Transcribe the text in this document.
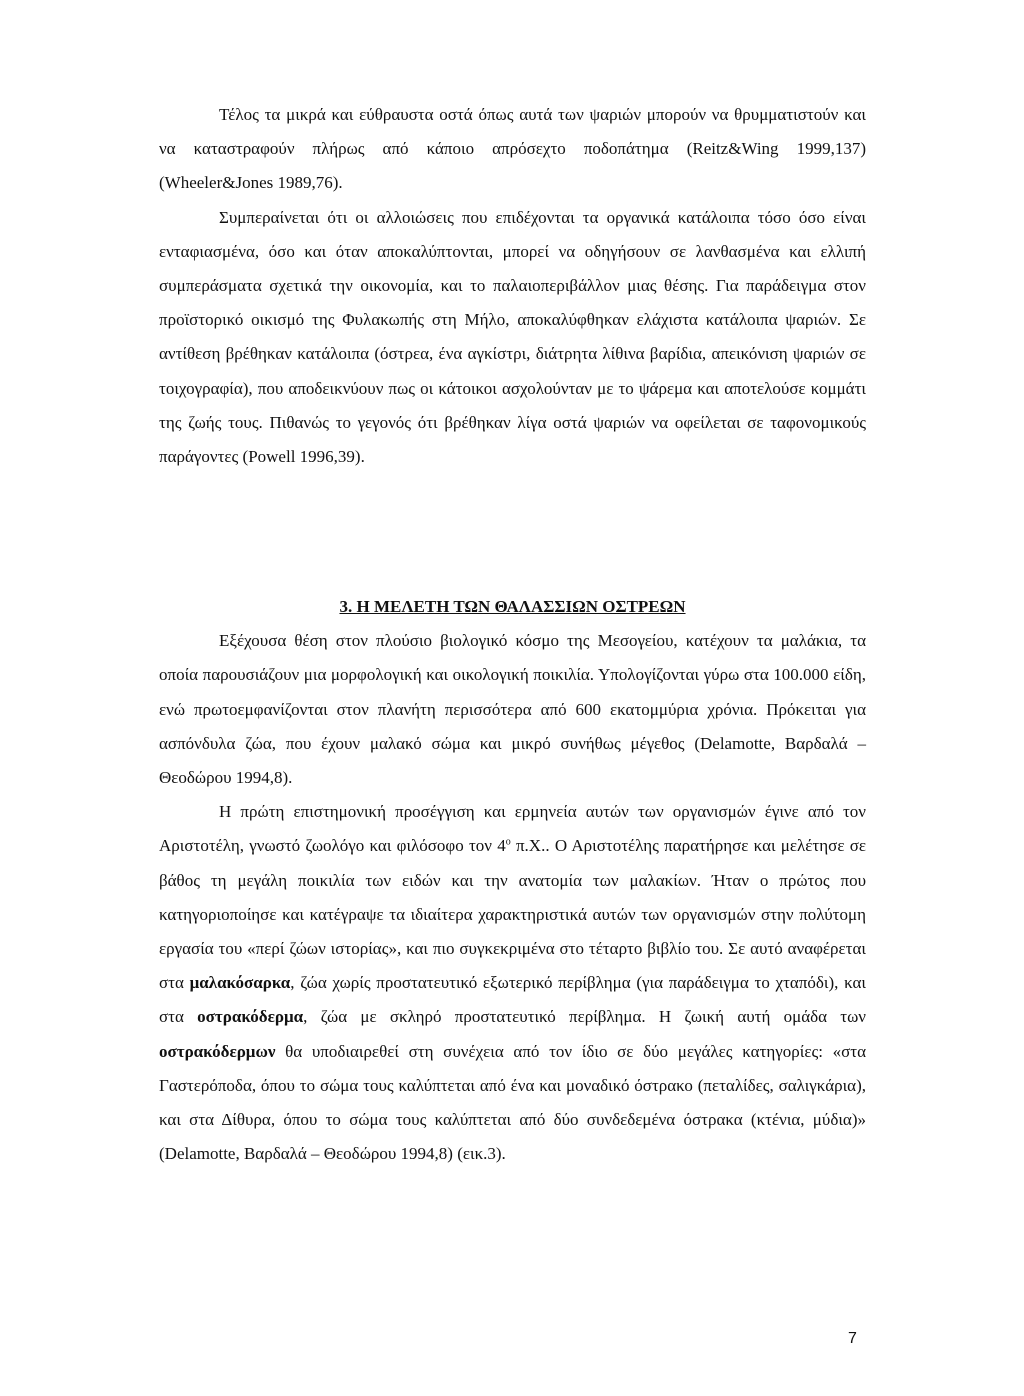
Τέλος τα μικρά και εύθραυστα οστά όπως αυτά των ψαριών μπορούν να θρυμματιστούν και να καταστραφούν πλήρως από κάποιο απρόσεχτο ποδοπάτημα (Reitz&Wing 1999,137) (Wheeler&Jones 1989,76).

Συμπεραίνεται ότι οι αλλοιώσεις που επιδέχονται τα οργανικά κατάλοιπα τόσο όσο είναι ενταφιασμένα, όσο και όταν αποκαλύπτονται, μπορεί να οδηγήσουν σε λανθασμένα και ελλιπή συμπεράσματα σχετικά την οικονομία, και το παλαιοπεριβάλλον μιας θέσης. Για παράδειγμα στον προϊστορικό οικισμό της Φυλακωπής στη Μήλο, αποκαλύφθηκαν ελάχιστα κατάλοιπα ψαριών. Σε αντίθεση βρέθηκαν κατάλοιπα (όστρεα, ένα αγκίστρι, διάτρητα λίθινα βαρίδια, απεικόνιση ψαριών σε τοιχογραφία), που αποδεικνύουν πως οι κάτοικοι ασχολούνταν με το ψάρεμα και αποτελούσε κομμάτι της ζωής τους. Πιθανώς το γεγονός ότι βρέθηκαν λίγα οστά ψαριών να οφείλεται σε ταφονομικούς παράγοντες (Powell 1996,39).

3. Η ΜΕΛΕΤΗ ΤΩΝ ΘΑΛΑΣΣΙΩΝ ΟΣΤΡΕΩΝ

Εξέχουσα θέση στον πλούσιο βιολογικό κόσμο της Μεσογείου, κατέχουν τα μαλάκια, τα οποία παρουσιάζουν μια μορφολογική και οικολογική ποικιλία. Υπολογίζονται γύρω στα 100.000 είδη, ενώ πρωτοεμφανίζονται στον πλανήτη περισσότερα από 600 εκατομμύρια χρόνια. Πρόκειται για ασπόνδυλα ζώα, που έχουν μαλακό σώμα και μικρό συνήθως μέγεθος (Delamotte, Βαρδαλά – Θεοδώρου 1994,8).

Η πρώτη επιστημονική προσέγγιση και ερμηνεία αυτών των οργανισμών έγινε από τον Αριστοτέλη, γνωστό ζωολόγο και φιλόσοφο τον $4^o$ π.Χ.. Ο Αριστοτέλης παρατήρησε και μελέτησε σε βάθος τη μεγάλη ποικιλία των ειδών και την ανατομία των μαλακίων. Ήταν ο πρώτος που κατηγοριοποίησε και κατέγραψε τα ιδιαίτερα χαρακτηριστικά αυτών των οργανισμών στην πολύτομη εργασία του «περί ζώων ιστορίας», και πιο συγκεκριμένα στο τέταρτο βιβλίο του. Σε αυτό αναφέρεται στα μαλακόσαρκα, ζώα χωρίς προστατευτικό εξωτερικό περίβλημα (για παράδειγμα το χταπόδι), και στα οστρακόδερμα, ζώα με σκληρό προστατευτικό περίβλημα. Η ζωική αυτή ομάδα των οστρακόδερμων θα υποδιαιρεθεί στη συνέχεια από τον ίδιο σε δύο μεγάλες κατηγορίες: «στα Γαστερόποδα, όπου το σώμα τους καλύπτεται από ένα και μοναδικό όστρακο (πεταλίδες, σαλιγκάρια), και στα Δίθυρα, όπου το σώμα τους καλύπτεται από δύο συνδεδεμένα όστρακα (κτένια, μύδια)» (Delamotte, Βαρδαλά – Θεοδώρου 1994,8) (εικ.3).

7
